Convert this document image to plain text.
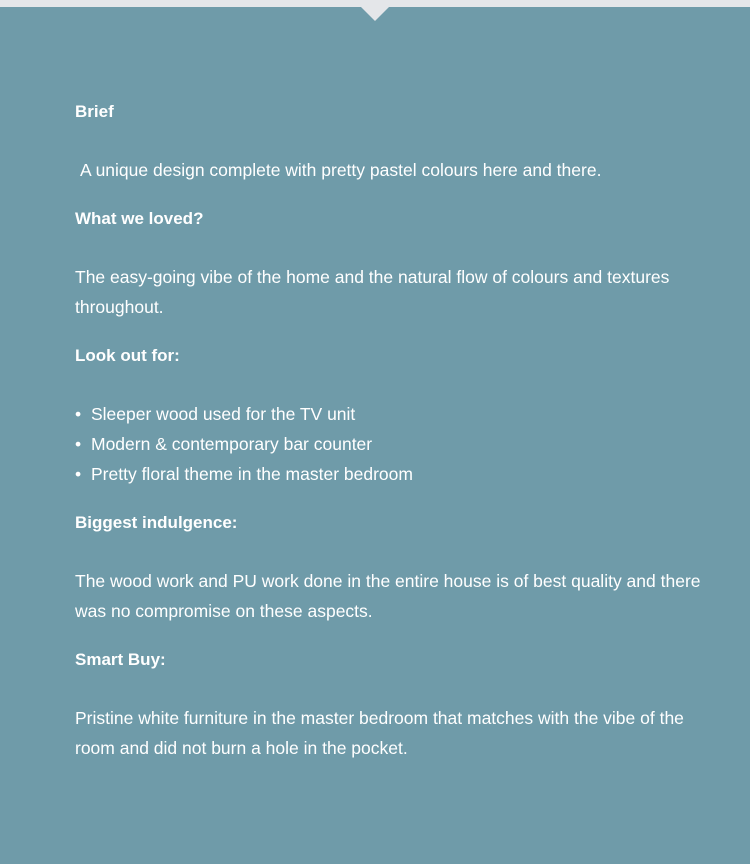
Brief

A unique design complete with pretty pastel colours here and there.

What we loved?

The easy-going vibe of the home and the natural flow of colours and textures throughout.

Look out for:
• Sleeper wood used for the TV unit
• Modern & contemporary bar counter
• Pretty floral theme in the master bedroom
Biggest indulgence:

The wood work and PU work done in the entire house is of best quality and there was no compromise on these aspects.

Smart Buy:

Pristine white furniture in the master bedroom that matches with the vibe of the room and did not burn a hole in the pocket.
